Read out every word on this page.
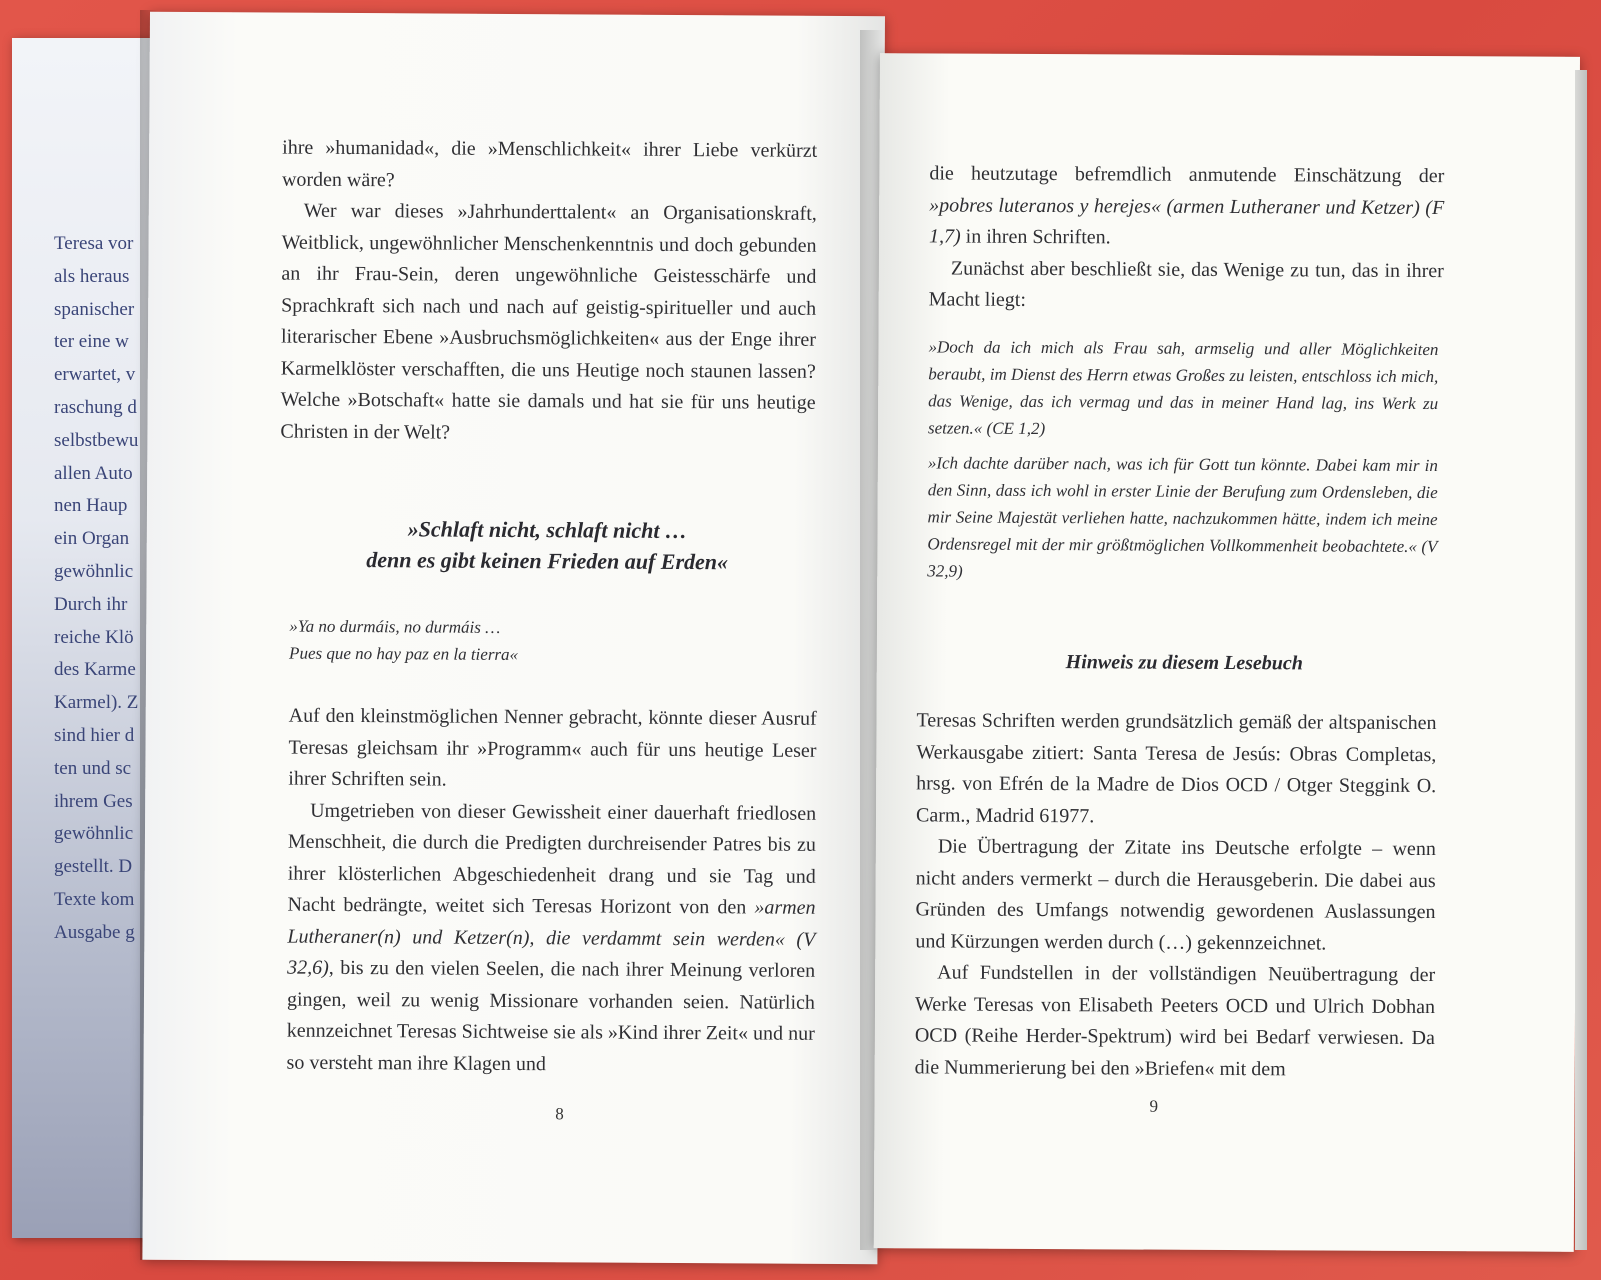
Teresa vor
als heraus
spanischer
ter eine w
erwartet, v
raschung d
selbstbewu
allen Auto
nen Haup
ein Organ
gewöhnlic
Durch ihr
reiche Klö
des Karme
Karmel). Z
sind hier d
ten und sc
ihrem Ges
gewöhnlic
gestellt. D
Texte kom
Ausgabe g

ihre »humanidad«, die »Menschlichkeit« ihrer Liebe verkürzt worden wäre?

Wer war dieses »Jahrhunderttalent« an Organisationskraft, Weitblick, ungewöhnlicher Menschenkenntnis und doch gebunden an ihr Frau-Sein, deren ungewöhnliche Geistesschärfe und Sprachkraft sich nach und nach auf geistig-spiritueller und auch literarischer Ebene »Ausbruchsmöglichkeiten« aus der Enge ihrer Karmelklöster verschafften, die uns Heutige noch staunen lassen? Welche »Botschaft« hatte sie damals und hat sie für uns heutige Christen in der Welt?

»Schlaft nicht, schlaft nicht …
denn es gibt keinen Frieden auf Erden«
»Ya no durmáis, no durmáis …
Pues que no hay paz en la tierra«

Auf den kleinstmöglichen Nenner gebracht, könnte dieser Ausruf Teresas gleichsam ihr »Programm« auch für uns heutige Leser ihrer Schriften sein.

Umgetrieben von dieser Gewissheit einer dauerhaft friedlosen Menschheit, die durch die Predigten durchreisender Patres bis zu ihrer klösterlichen Abgeschiedenheit drang und sie Tag und Nacht bedrängte, weitet sich Teresas Horizont von den »armen Lutheraner(n) und Ketzer(n), die verdammt sein werden« (V 32,6), bis zu den vielen Seelen, die nach ihrer Meinung verloren gingen, weil zu wenig Missionare vorhanden seien. Natürlich kennzeichnet Teresas Sichtweise sie als »Kind ihrer Zeit« und nur so versteht man ihre Klagen und

8

die heutzutage befremdlich anmutende Einschätzung der »pobres luteranos y herejes« (armen Lutheraner und Ketzer) (F 1,7) in ihren Schriften.

Zunächst aber beschließt sie, das Wenige zu tun, das in ihrer Macht liegt:

»Doch da ich mich als Frau sah, armselig und aller Möglichkeiten beraubt, im Dienst des Herrn etwas Großes zu leisten, entschloss ich mich, das Wenige, das ich vermag und das in meiner Hand lag, ins Werk zu setzen.« (CE 1,2)

»Ich dachte darüber nach, was ich für Gott tun könnte. Dabei kam mir in den Sinn, dass ich wohl in erster Linie der Berufung zum Ordensleben, die mir Seine Majestät verliehen hatte, nachzukommen hätte, indem ich meine Ordensregel mit der mir größtmöglichen Vollkommenheit beobachtete.« (V 32,9)

Hinweis zu diesem Lesebuch

Teresas Schriften werden grundsätzlich gemäß der altspanischen Werkausgabe zitiert: Santa Teresa de Jesús: Obras Completas, hrsg. von Efrén de la Madre de Dios OCD / Otger Steggink O. Carm., Madrid 61977.

Die Übertragung der Zitate ins Deutsche erfolgte – wenn nicht anders vermerkt – durch die Herausgeberin. Die dabei aus Gründen des Umfangs notwendig gewordenen Auslassungen und Kürzungen werden durch (…) gekennzeichnet.

Auf Fundstellen in der vollständigen Neuübertragung der Werke Teresas von Elisabeth Peeters OCD und Ulrich Dobhan OCD (Reihe Herder-Spektrum) wird bei Bedarf verwiesen. Da die Nummerierung bei den »Briefen« mit dem

9
